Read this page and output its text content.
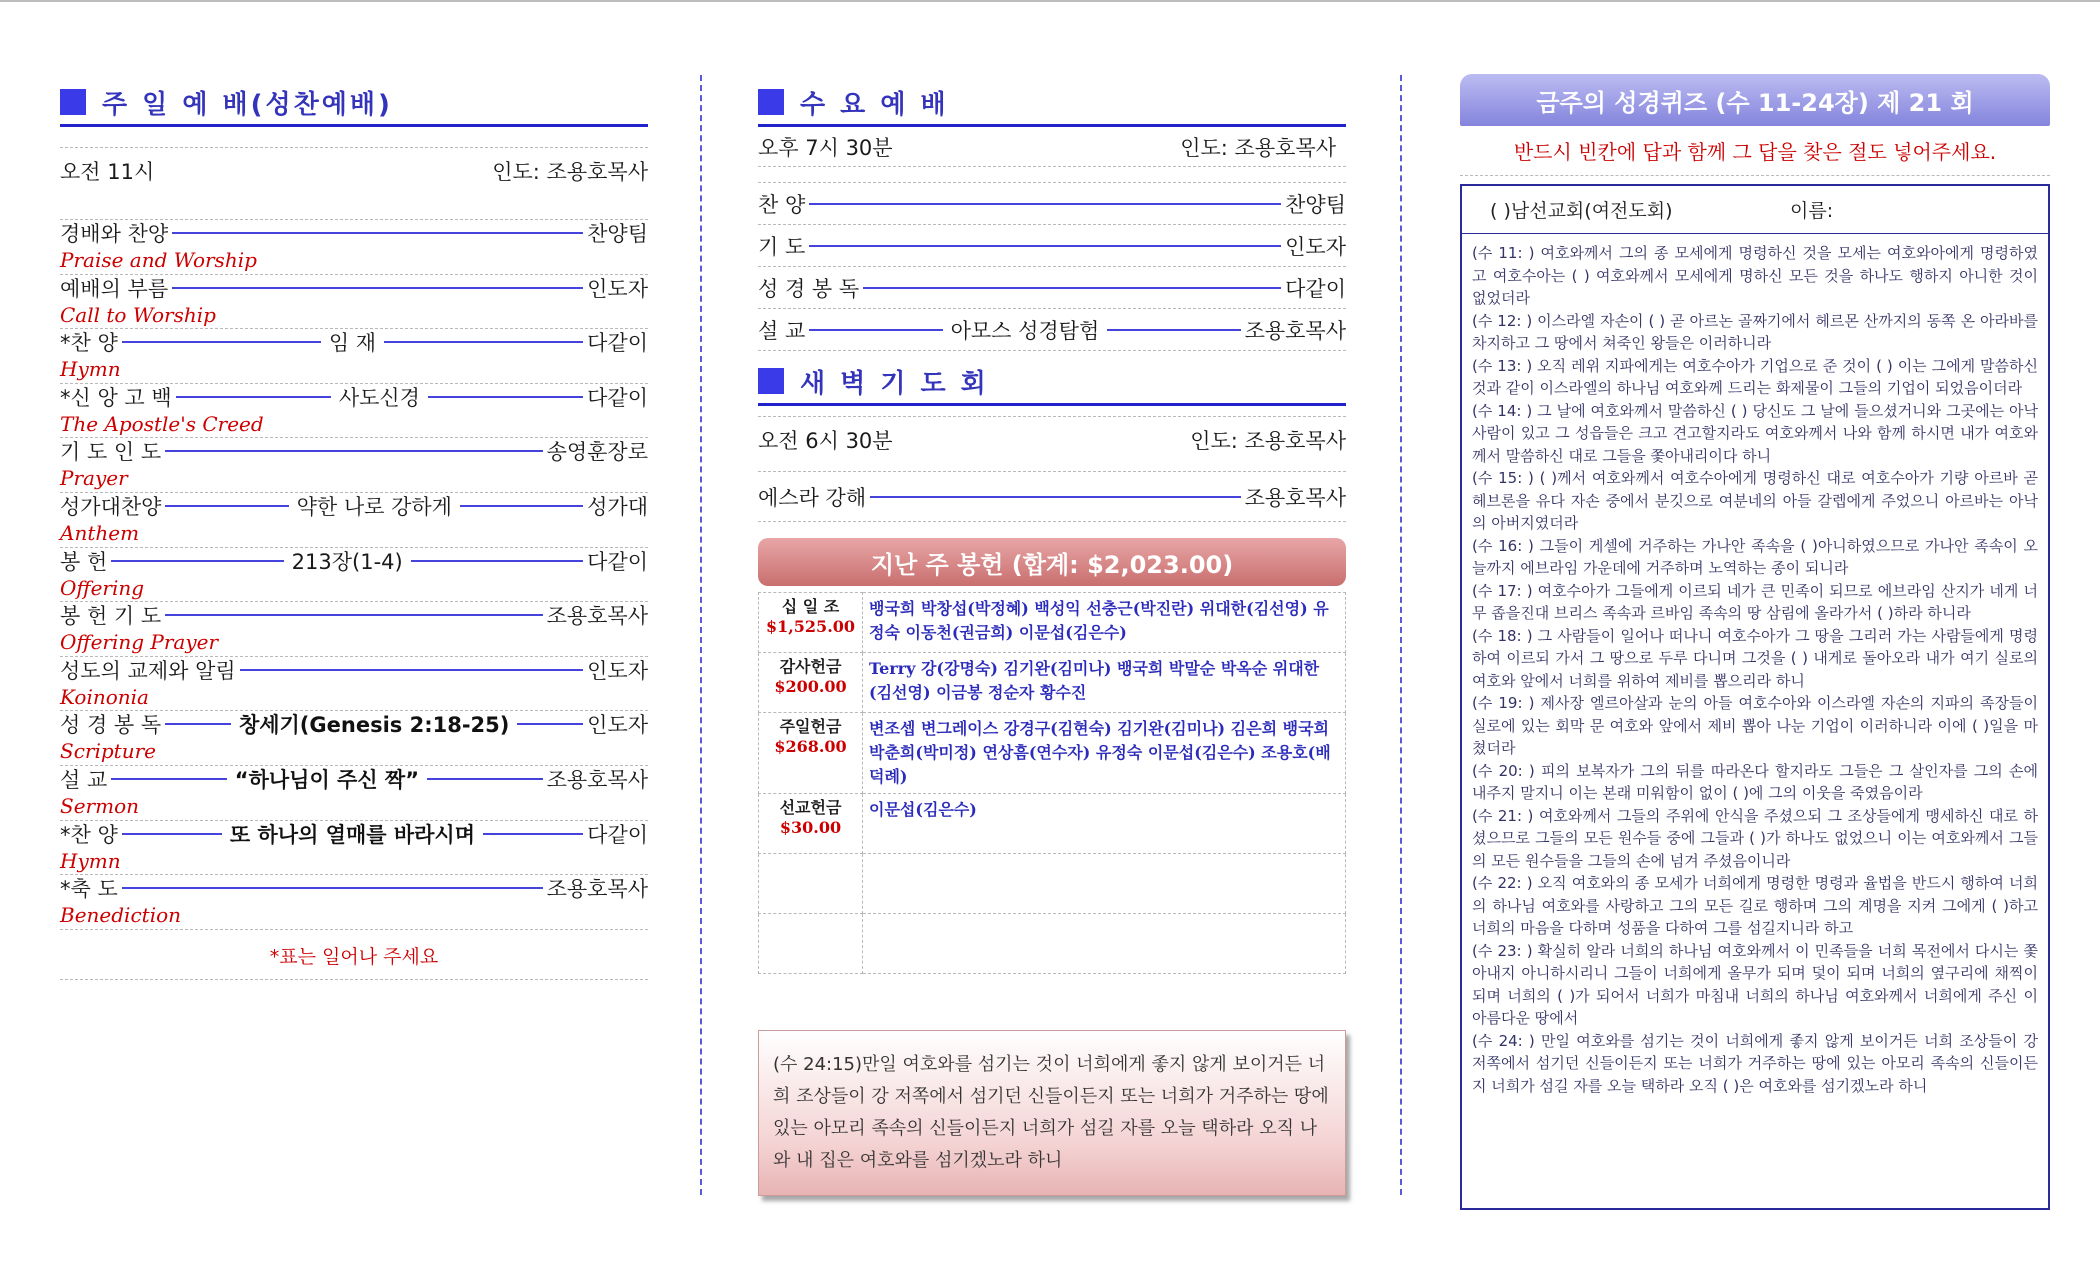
주 일 예 배(성찬예배)
오전 11시	인도: 조용호목사
경배와 찬양	찬양팀
Praise and Worship
예배의 부름	인도자
Call to Worship
*찬 양	임 재	다같이
Hymn
*신 앙 고 백	사도신경	다같이
The Apostle's Creed
기 도 인 도	송영훈장로
Prayer
성가대찬양	약한 나로 강하게	성가대
Anthem
봉 헌	213장(1-4)	다같이
Offering
봉 헌 기 도	조용호목사
Offering Prayer
성도의 교제와 알림	인도자
Koinonia
성 경 봉 독	창세기(Genesis 2:18-25)	인도자
Scripture
설 교	“하나님이 주신 짝”	조용호목사
Sermon
*찬 양	또 하나의 열매를 바라시며	다같이
Hymn
*축 도	조용호목사
Benediction
*표는 일어나 주세요
수 요 예 배
오후 7시 30분	인도: 조용호목사
찬 양	찬양팀
기 도	인도자
성 경 봉 독	다같이
설 교	아모스 성경탐험	조용호목사
새 벽 기 도 회
오전 6시 30분	인도: 조용호목사
에스라 강해	조용호목사
지난 주 봉헌 (합계: $2,023.00)
십 일 조
$1,525.00	뱅국희 박창섭(박정혜) 백성익 선충근(박진란) 위대한(김선영) 유정숙 이동천(권금희) 이문섭(김은수)

감사헌금
$200.00	Terry 강(강명숙) 김기완(김미나) 뱅국희 박말순 박옥순 위대한(김선영) 이금봉 정순자 황수진

주일헌금
$268.00	변조셉 변그레이스 강경구(김현숙) 김기완(김미나) 김은희 뱅국희 박춘희(박미정) 연상흠(연수자) 유정숙 이문섭(김은수) 조용호(배덕례)

선교헌금
$30.00	이문섭(김은수)

(수 24:15)만일 여호와를 섬기는 것이 너희에게 좋지 않게 보이거든 너희 조상들이 강 저쪽에서 섬기던 신들이든지 또는 너희가 거주하는 땅에 있는 아모리 족속의 신들이든지 너희가 섬길 자를 오늘 택하라 오직 나와 내 집은 여호와를 섬기겠노라 하니
금주의 성경퀴즈 (수 11-24장) 제 21 회
반드시 빈칸에 답과 함께 그 답을 찾은 절도 넣어주세요.
( )남선교회(여전도회)	이름:
(수 11: ) 여호와께서 그의 종 모세에게 명령하신 것을 모세는 여호와아에게 명령하였고 여호수아는 ( ) 여호와께서 모세에게 명하신 모든 것을 하나도 행하지 아니한 것이 없었더라
(수 12: ) 이스라엘 자손이 ( ) 곧 아르논 골짜기에서 헤르몬 산까지의 동쪽 온 아라바를 차지하고 그 땅에서 쳐죽인 왕들은 이러하니라
(수 13: ) 오직 레위 지파에게는 여호수아가 기업으로 준 것이 ( ) 이는 그에게 말씀하신 것과 같이 이스라엘의 하나님 여호와께 드리는 화제물이 그들의 기업이 되었음이더라
(수 14: ) 그 날에 여호와께서 말씀하신 ( ) 당신도 그 날에 들으셨거니와 그곳에는 아낙 사람이 있고 그 성읍들은 크고 견고할지라도 여호와께서 나와 함께 하시면 내가 여호와께서 말씀하신 대로 그들을 쫓아내리이다 하니
(수 15: ) ( )께서 여호와께서 여호수아에게 명령하신 대로 여호수아가 기량 아르바 곧 헤브론을 유다 자손 중에서 분깃으로 여분네의 아들 갈렙에게 주었으니 아르바는 아낙의 아버지였더라
(수 16: ) 그들이 게셀에 거주하는 가나안 족속을 ( )아니하였으므로 가나안 족속이 오늘까지 에브라임 가운데에 거주하며 노역하는 종이 되니라
(수 17: ) 여호수아가 그들에게 이르되 네가 큰 민족이 되므로 에브라임 산지가 네게 너무 좁을진대 브리스 족속과 르바임 족속의 땅 삼림에 올라가서 ( )하라 하니라
(수 18: ) 그 사람들이 일어나 떠나니 여호수아가 그 땅을 그리러 가는 사람들에게 명령하여 이르되 가서 그 땅으로 두루 다니며 그것을 ( ) 내게로 돌아오라 내가 여기 실로의 여호와 앞에서 너희를 위하여 제비를 뽑으리라 하니
(수 19: ) 제사장 엘르아살과 눈의 아들 여호수아와 이스라엘 자손의 지파의 족장들이 실로에 있는 회막 문 여호와 앞에서 제비 뽑아 나눈 기업이 이러하니라 이에 ( )일을 마쳤더라
(수 20: ) 피의 보복자가 그의 뒤를 따라온다 할지라도 그들은 그 살인자를 그의 손에 내주지 말지니 이는 본래 미워함이 없이 ( )에 그의 이웃을 죽였음이라
(수 21: ) 여호와께서 그들의 주위에 안식을 주셨으되 그 조상들에게 맹세하신 대로 하셨으므로 그들의 모든 원수들 중에 그들과 ( )가 하나도 없었으니 이는 여호와께서 그들의 모든 원수들을 그들의 손에 넘겨 주셨음이니라
(수 22: ) 오직 여호와의 종 모세가 너희에게 명령한 명령과 율법을 반드시 행하여 너희의 하나님 여호와를 사랑하고 그의 모든 길로 행하며 그의 계명을 지켜 그에게 ( )하고 너희의 마음을 다하며 성품을 다하여 그를 섬길지니라 하고
(수 23: ) 확실히 알라 너희의 하나님 여호와께서 이 민족들을 너희 목전에서 다시는 쫓아내지 아니하시리니 그들이 너희에게 올무가 되며 덫이 되며 너희의 옆구리에 채찍이 되며 너희의 ( )가 되어서 너희가 마침내 너희의 하나님 여호와께서 너희에게 주신 이 아름다운 땅에서
(수 24: ) 만일 여호와를 섬기는 것이 너희에게 좋지 않게 보이거든 너희 조상들이 강 저쪽에서 섬기던 신들이든지 또는 너희가 거주하는 땅에 있는 아모리 족속의 신들이든지 너희가 섬길 자를 오늘 택하라 오직 ( )은 여호와를 섬기겠노라 하니
